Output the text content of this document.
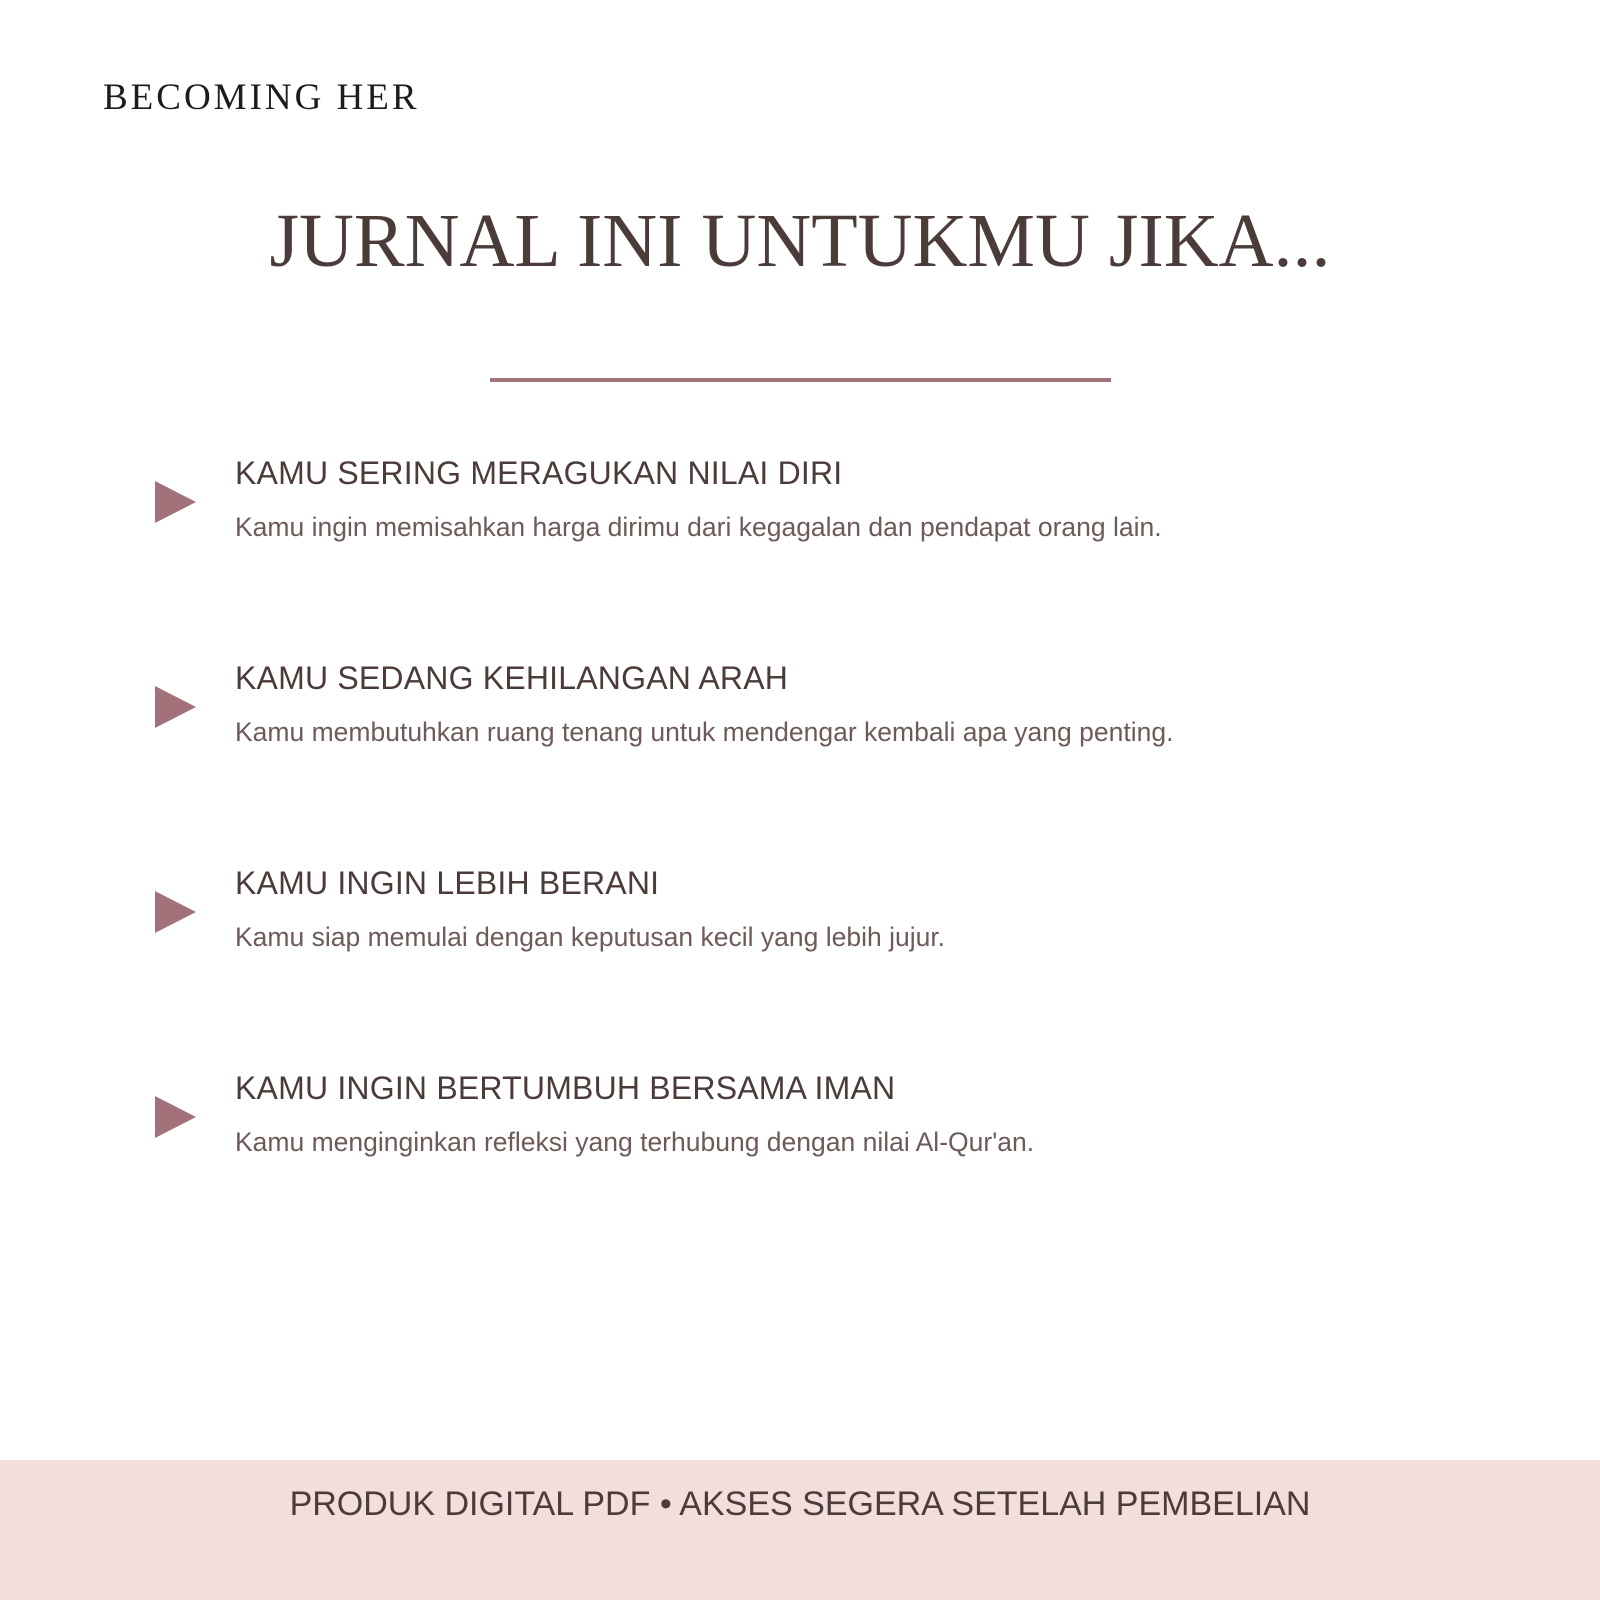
BECOMING HER
JURNAL INI UNTUKMU JIKA...
KAMU SERING MERAGUKAN NILAI DIRI
Kamu ingin memisahkan harga dirimu dari kegagalan dan pendapat orang lain.
KAMU SEDANG KEHILANGAN ARAH
Kamu membutuhkan ruang tenang untuk mendengar kembali apa yang penting.
KAMU INGIN LEBIH BERANI
Kamu siap memulai dengan keputusan kecil yang lebih jujur.
KAMU INGIN BERTUMBUH BERSAMA IMAN
Kamu menginginkan refleksi yang terhubung dengan nilai Al-Qur'an.
PRODUK DIGITAL PDF • AKSES SEGERA SETELAH PEMBELIAN
